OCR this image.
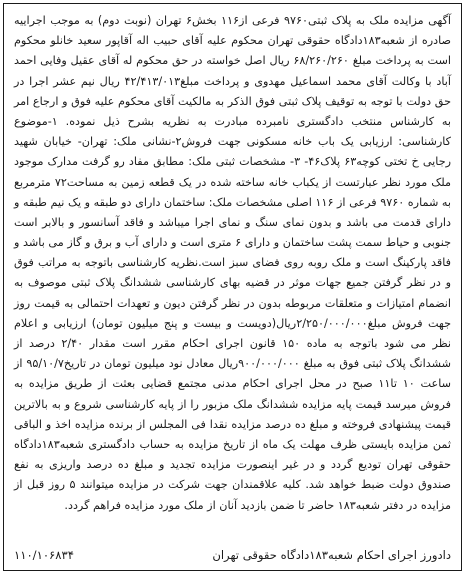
آگهی مزایده ملک به پلاک ثبتی۹۷۶۰ فرعی از۱۱۶ بخش۶ تهران (نوبت دوم) به موجب اجراییه صادره از شعبه۱۸۳دادگاه حقوقی تهران محکوم علیه آقای حبیب اله آقاپور سعید خانلو محکوم است به پرداخت مبلغ ۶۸/۲۶۰/۲۶۰ ریال اصل خواسته در حق محکوم له آقای عقیل وفایی احمد آباد با وکالت آقای محمد اسماعیل مهدوی و پرداخت مبلغ۴۲/۴۱۳/۰۱۳ ریال نیم عشر اجرا در حق دولت با توجه به توقیف پلاک ثبتی فوق الذکر به مالکیت آقای محکوم علیه فوق و ارجاع امر به کارشناس منتخب دادگستری نامبرده مبادرت به نظریه بشرح ذیل نموده. ۱-موضوع کارشناسی: ارزیابی یک باب خانه مسکونی جهت فروش۲-نشانی ملک: تهران- خیابان شهید رجایی خ تختی کوچه۶۳ پلاک۴۶- ۳- مشخصات ثبتی ملک: مطابق مفاد رو گرفت مدارک موجود ملک مورد نظر عبارتست از یکباب خانه ساخته شده در یک قطعه زمین به مساحت۷۲ مترمربع به شماره ۹۷۶۰ فرعی از ۱۱۶ اصلی مشخصات ملک: ساختمان دارای دو طبقه و یک نیم طبقه و دارای قدمت می باشد و بدون نمای سنگ و نمای اجرا میباشد و فاقد آسانسور و بالابر است جنوبی و حیاط سمت پشت ساختمان و دارای ۶ متری است و دارای آب و برق و گاز می باشد و فاقد پارکینگ است و ملک روبه روی فضای سبز است.نظریه کارشناسی باتوجه به مراتب فوق و در نظر گرفتن جمیع جهات موثر در قضیه بهای کارشناسی ششدانگ پلاک ثبتی موصوف به انضمام امتیازات و متعلقات مربوطه بدون در نظر گرفتن دیون و تعهدات احتمالی به قیمت روز جهت فروش مبلغ۲/۲۵۰/۰۰۰/۰۰۰ریال(دویست و بیست و پنج میلیون تومان) ارزیابی و اعلام نظر می شود باتوجه به ماده ۱۵۰ قانون اجرای احکام مقرر است مقدار ۲/۴۰ درصد از ششدانگ پلاک ثبتی فوق به مبلغ ۹۰۰/۰۰۰/۰۰۰ریال معادل نود میلیون تومان در تاریخ۹۵/۱۰/۷ از ساعت ۱۰ تا۱۱ صبح در محل اجرای احکام مدنی مجتمع قضایی بعثت از طریق مزایده به فروش میرسد قیمت پایه مزایده ششدانگ ملک مزبور را از پایه کارشناسی شروع و به بالاترین قیمت پیشنهادی فروخته و مبلغ ده درصد مزایده نقدا فی المجلس از برنده مزایده اخذ و الباقی ثمن مزایده بایستی ظرف مهلت یک ماه از تاریخ مزایده به حساب دادگستری شعبه۱۸۳دادگاه حقوقی تهران تودیع گردد و در غیر اینصورت مزایده تجدید و مبلغ ده درصد واریزی به نفع صندوق دولت ضبط خواهد شد. کلیه علاقمندان جهت شرکت در مزایده میتوانند ۵ روز قبل از مزایده در دفتر شعبه۱۸۳ حاضر تا ضمن بازدید آنان از ملک مورد مزایده فراهم گردد.

دادورز اجرای احکام شعبه۱۸۳دادگاه حقوقی تهران
۱۱۰/۱۰۶۸۳۴
